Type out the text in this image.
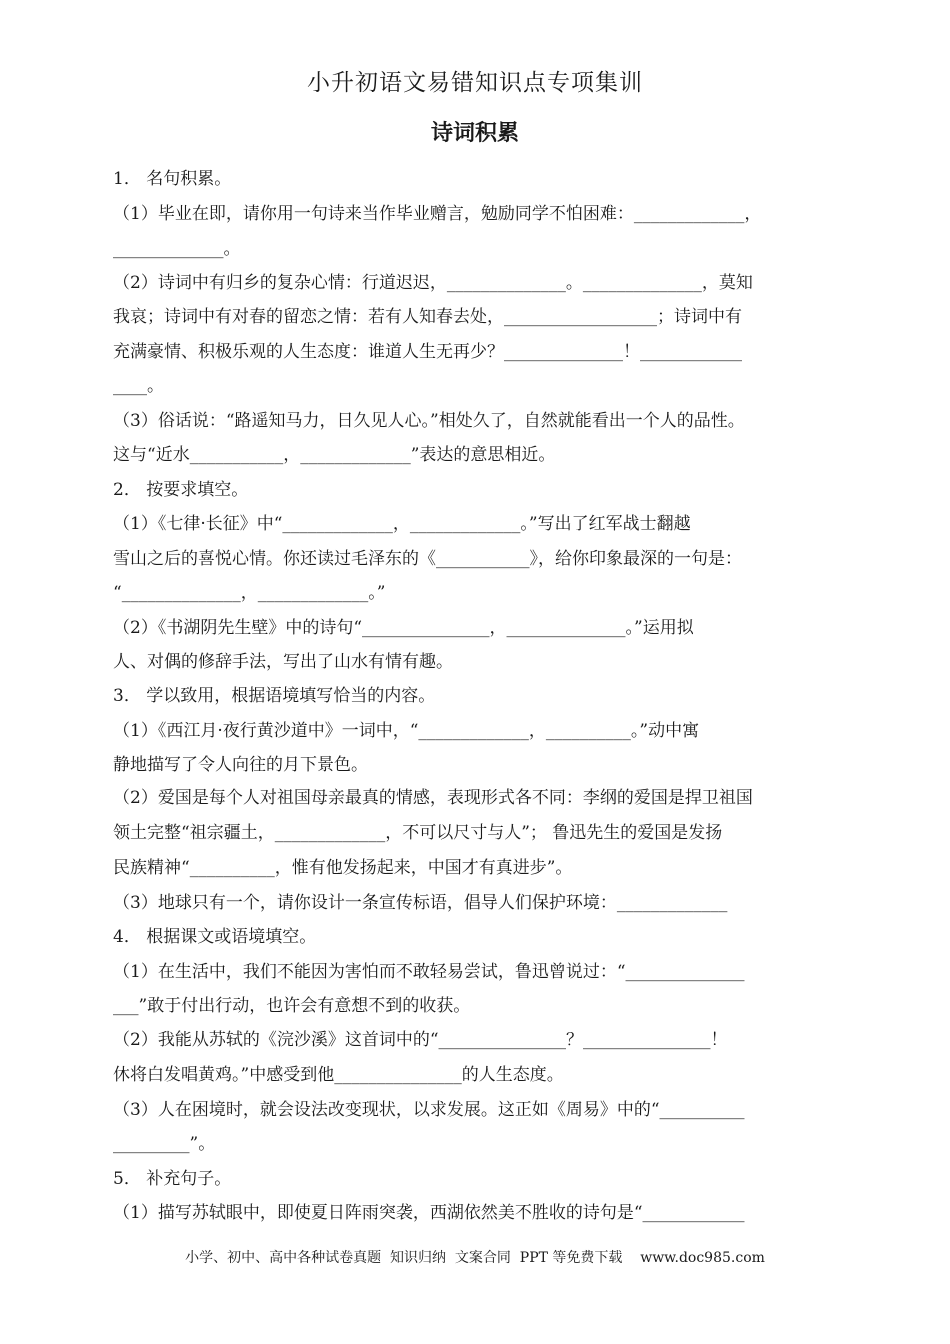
小升初语文易错知识点专项集训
诗词积累
1． 名句积累。
（1）毕业在即，请你用一句诗来当作毕业赠言，勉励同学不怕困难：_____________，
_____________。
（2）诗词中有归乡的复杂心情：行道迟迟，______________。______________，莫知
我哀；诗词中有对春的留恋之情：若有人知春去处，__________________；诗词中有
充满豪情、积极乐观的人生态度：谁道人生无再少？______________！____________
____。
（3）俗话说：“路遥知马力，日久见人心。”相处久了，自然就能看出一个人的品性。
这与“近水___________，_____________”表达的意思相近。
2． 按要求填空。
（1）《七律·长征》中“_____________，_____________。”写出了红军战士翻越
雪山之后的喜悦心情。你还读过毛泽东的《___________》，给你印象最深的一句是：
“______________，_____________。”
（2）《书湖阴先生壁》中的诗句“_______________，______________。”运用拟
人、对偶的修辞手法，写出了山水有情有趣。
3． 学以致用，根据语境填写恰当的内容。
（1）《西江月·夜行黄沙道中》一词中，“_____________，__________。”动中寓
静地描写了令人向往的月下景色。
（2）爱国是每个人对祖国母亲最真的情感，表现形式各不同：李纲的爱国是捍卫祖国
领土完整“祖宗疆土，_____________，不可以尺寸与人”； 鲁迅先生的爱国是发扬
民族精神“__________，惟有他发扬起来，中国才有真进步”。
（3）地球只有一个，请你设计一条宣传标语，倡导人们保护环境：_____________
4． 根据课文或语境填空。
（1）在生活中，我们不能因为害怕而不敢轻易尝试，鲁迅曾说过：“______________
___”敢于付出行动，也许会有意想不到的收获。
（2）我能从苏轼的《浣沙溪》这首词中的“_______________？_______________！
休将白发唱黄鸡。”中感受到他_______________的人生态度。
（3）人在困境时，就会设法改变现状，以求发展。这正如《周易》中的“__________
_________”。
5． 补充句子。
（1）描写苏轼眼中，即使夏日阵雨突袭，西湖依然美不胜收的诗句是“____________
小学、初中、高中各种试卷真题  知识归纳  文案合同  PPT 等免费下载    www.doc985.com
